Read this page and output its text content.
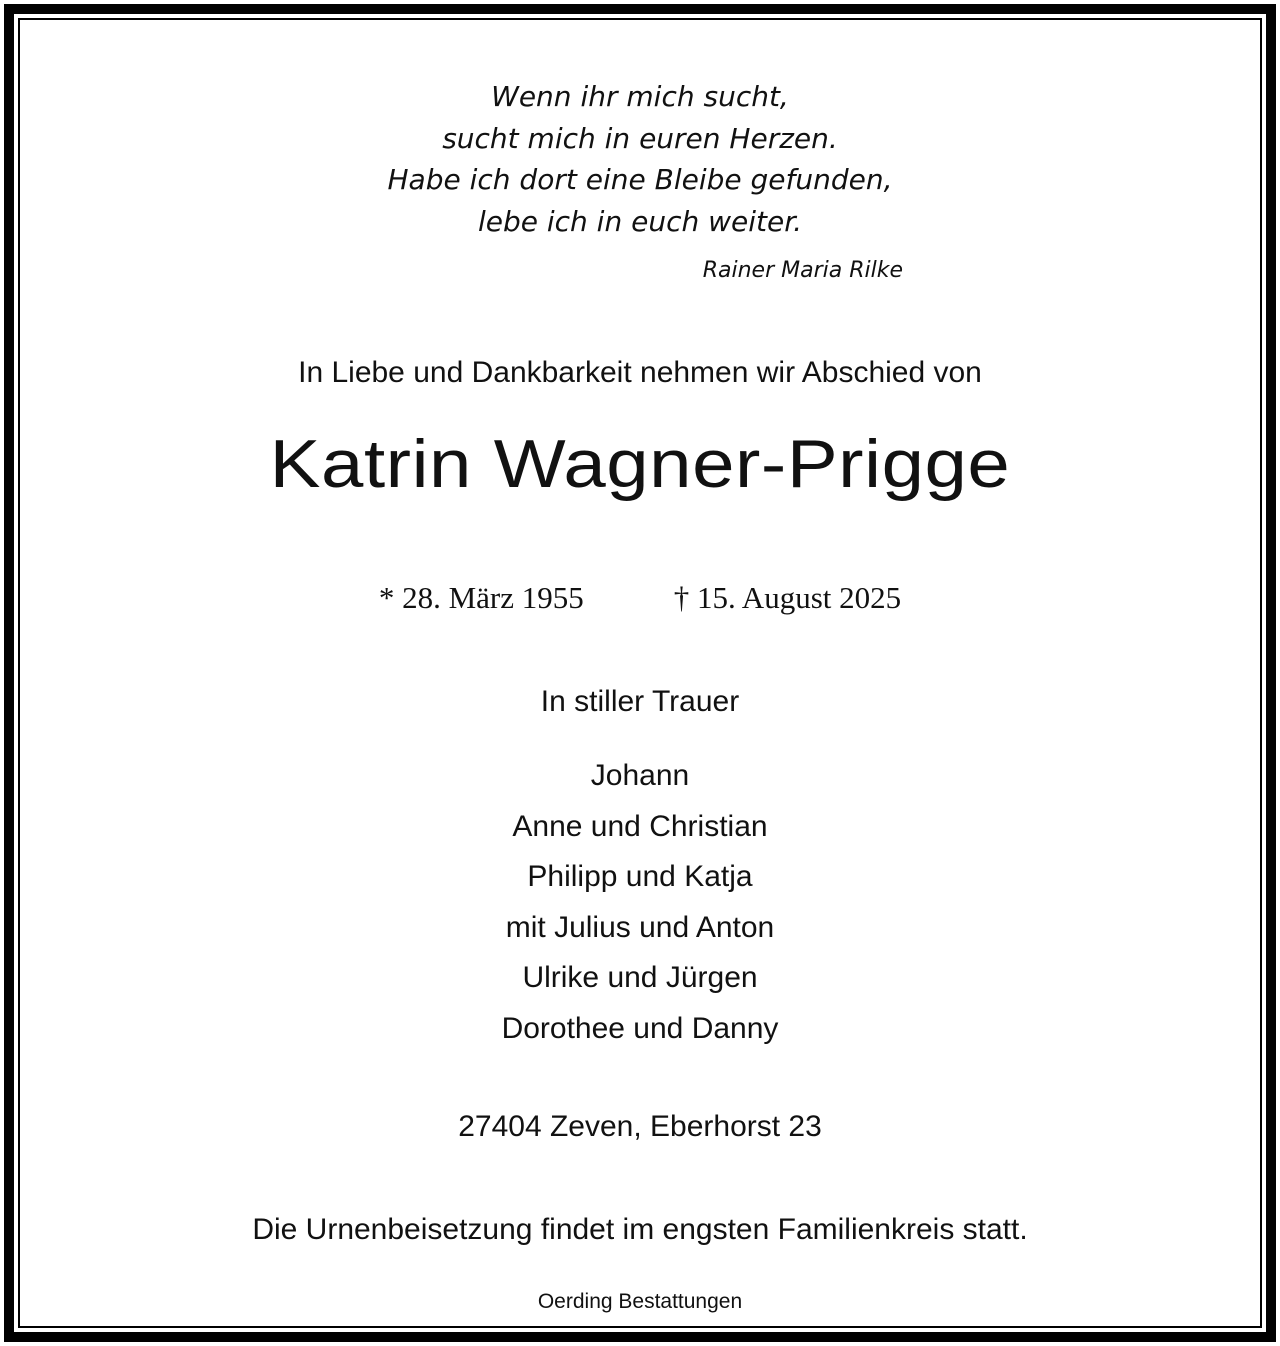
Wenn ihr mich sucht,
sucht mich in euren Herzen.
Habe ich dort eine Bleibe gefunden,
lebe ich in euch weiter.
Rainer Maria Rilke
In Liebe und Dankbarkeit nehmen wir Abschied von
Katrin Wagner-Prigge
* 28. März 1955	† 15. August 2025
In stiller Trauer
Johann
Anne und Christian
Philipp und Katja
mit Julius und Anton
Ulrike und Jürgen
Dorothee und Danny
27404 Zeven, Eberhorst 23
Die Urnenbeisetzung findet im engsten Familienkreis statt.
Oerding Bestattungen
